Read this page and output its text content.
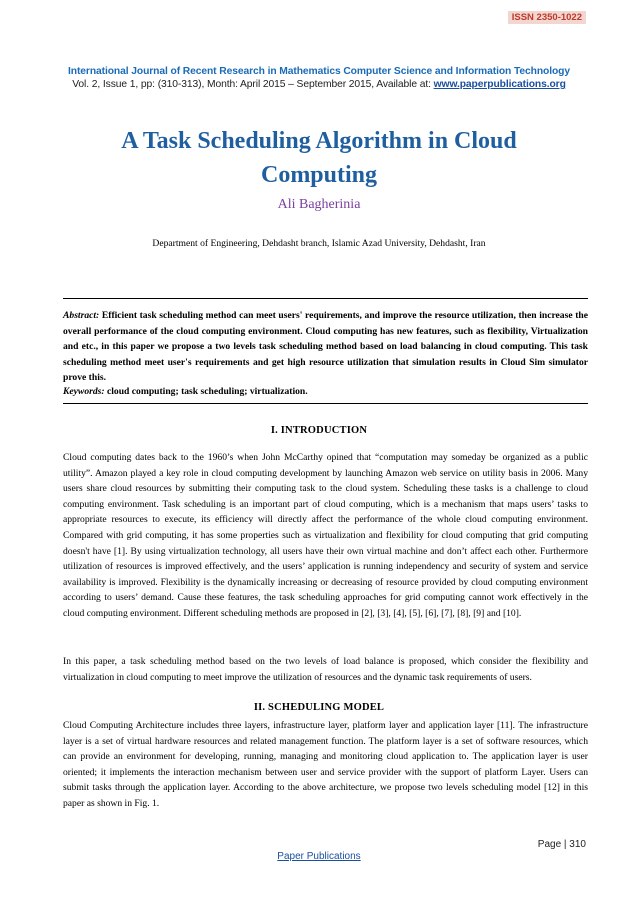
ISSN 2350-1022
International Journal of Recent Research in Mathematics Computer Science and Information Technology
Vol. 2, Issue 1, pp: (310-313), Month: April 2015 – September 2015, Available at: www.paperpublications.org
A Task Scheduling Algorithm in Cloud
Computing
Ali Bagherinia
Department of Engineering, Dehdasht branch, Islamic Azad University, Dehdasht, Iran
Abstract: Efficient task scheduling method can meet users' requirements, and improve the resource utilization, then increase the overall performance of the cloud computing environment. Cloud computing has new features, such as flexibility, Virtualization and etc., in this paper we propose a two levels task scheduling method based on load balancing in cloud computing. This task scheduling method meet user's requirements and get high resource utilization that simulation results in Cloud Sim simulator prove this.
Keywords: cloud computing; task scheduling; virtualization.
I. INTRODUCTION
Cloud computing dates back to the 1960’s when John McCarthy opined that “computation may someday be organized as a public utility”. Amazon played a key role in cloud computing development by launching Amazon web service on utility basis in 2006. Many users share cloud resources by submitting their computing task to the cloud system. Scheduling these tasks is a challenge to cloud computing environment. Task scheduling is an important part of cloud computing, which is a mechanism that maps users’ tasks to appropriate resources to execute, its efficiency will directly affect the performance of the whole cloud computing environment. Compared with grid computing, it has some properties such as virtualization and flexibility for cloud computing that grid computing doesn't have [1]. By using virtualization technology, all users have their own virtual machine and don’t affect each other. Furthermore utilization of resources is improved effectively, and the users’ application is running independency and security of system and service availability is improved. Flexibility is the dynamically increasing or decreasing of resource provided by cloud computing environment according to users’ demand. Cause these features, the task scheduling approaches for grid computing cannot work effectively in the cloud computing environment. Different scheduling methods are proposed in [2], [3], [4], [5], [6], [7], [8], [9] and [10].
In this paper, a task scheduling method based on the two levels of load balance is proposed, which consider the flexibility and virtualization in cloud computing to meet improve the utilization of resources and the dynamic task requirements of users.
II. SCHEDULING MODEL
Cloud Computing Architecture includes three layers, infrastructure layer, platform layer and application layer [11]. The infrastructure layer is a set of virtual hardware resources and related management function. The platform layer is a set of software resources, which can provide an environment for developing, running, managing and monitoring cloud application to. The application layer is user oriented; it implements the interaction mechanism between user and service provider with the support of platform Layer. Users can submit tasks through the application layer. According to the above architecture, we propose two levels scheduling model [12] in this paper as shown in Fig. 1.
Page | 310
Paper Publications
